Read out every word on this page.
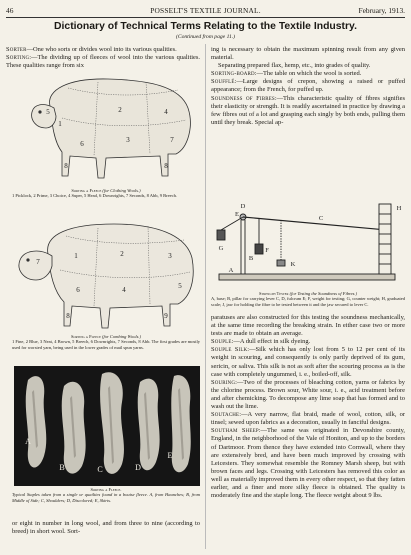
46	POSSELT'S TEXTILE JOURNAL.	February, 1913.
Dictionary of Technical Terms Relating to the Textile Industry.
(Continued from page 11.)

Sorter—One who sorts or divides wool into its various qualities.

Sorting:—The dividing up of fleeces of wool into the various qualities. These qualities range from six

1
2
3
4
5
6	7
8	8
Sorting a Fleece (for Clothing Wools.)
1 Picklock, 2 Prime, 3 Choice, 4 Super, 5 Head, 6 Downrights, 7 Seconds, 8 Abb, 9 Breech.
1	2	3
4	5
6
7
8	9
Sorting a Fleece (for Combing Wools.)
1 Fine, 2 Blue, 3 Neat, 4 Brown, 5 Breech, 6 Downrights, 7 Seconds, 8 Abb. The first grades are mostly used for worsted yarn, being used in the lower grades of mail spun yarns.
A
B	C	D
E
Sorting a Fleece.
Typical Staples taken from a single or quailties found in a bouise fleece. A, from Haunches; B, from Middle of Side; C, Shoulders; D, Discolored; E, Skirts.

or eight in number in long wool, and from three to nine (according to breed) in short wool. Sort-

ing is necessary to obtain the maximum spinning result from any given material.

Separating prepared flax, hemp, etc., into grades of quality.

Sorting-board:—The table on which the wool is sorted.

Soufflé:—Large designs of crepon, showing a raised or puffed appearance; from the French, for puffed up.

Soundness of Fibres:—This characteristic quality of fibres signifies their elasticity or strength. It is readily ascertained in practice by drawing a few fibres out of a lot and grasping each singly by both ends, pulling them until they break. Special ap-

A
B
C
D
E
F
G
H
K
Strength Tester (for Testing the Soundness of Fibres.)
A, base; B, pillar for carrying lever C, D, fulcrum E; F, weight for testing; G, counter weight; H, graduated scale; J, jaw for holding the fibre to be tested between it and the jaw secured to lever C.

paratuses are also constructed for this testing the soundness mechanically, at the same time recording the breaking strain. In either case two or more tests are made to obtain an average.

Souple:—A dull effect in silk dyeing.

Souple Silk:—Silk which has only lost from 5 to 12 per cent of its weight in scouring, and consequently is only partly deprived of its gum, sericin, or saliva. This silk is not as soft after the scouring process as is the case with completely ungummed, i. e., boiled-off, silk.

Souring:—Two of the processes of bleaching cotton, yarns or fabrics by the chlorine process. Brown sour, White sour, i. e., acid treatment before and after chemicking. To decompose any lime soap that has formed and to wash out the lime.

Soutache:—A very narrow, flat braid, made of wool, cotton, silk, or tinsel; sewed upon fabrics as a decoration, usually in fanciful designs.

Southam Sheep:—The same was originated in Devonshire county, England, in the neighborhood of the Vale of Honiton, and up to the borders of Dartmoor. From thence they have extended into Cornwall, where they are extensively bred, and have been much improved by crossing with Leicesters. They somewhat resemble the Romney Marsh sheep, but with brown faces and legs. Crossing with Leicesters has removed this color as well as materially improved them in every other respect, so that they fatten earlier, and a finer and more silky fleece is obtained. The quality is moderately fine and the staple long. The fleece weight about 9 lbs.
